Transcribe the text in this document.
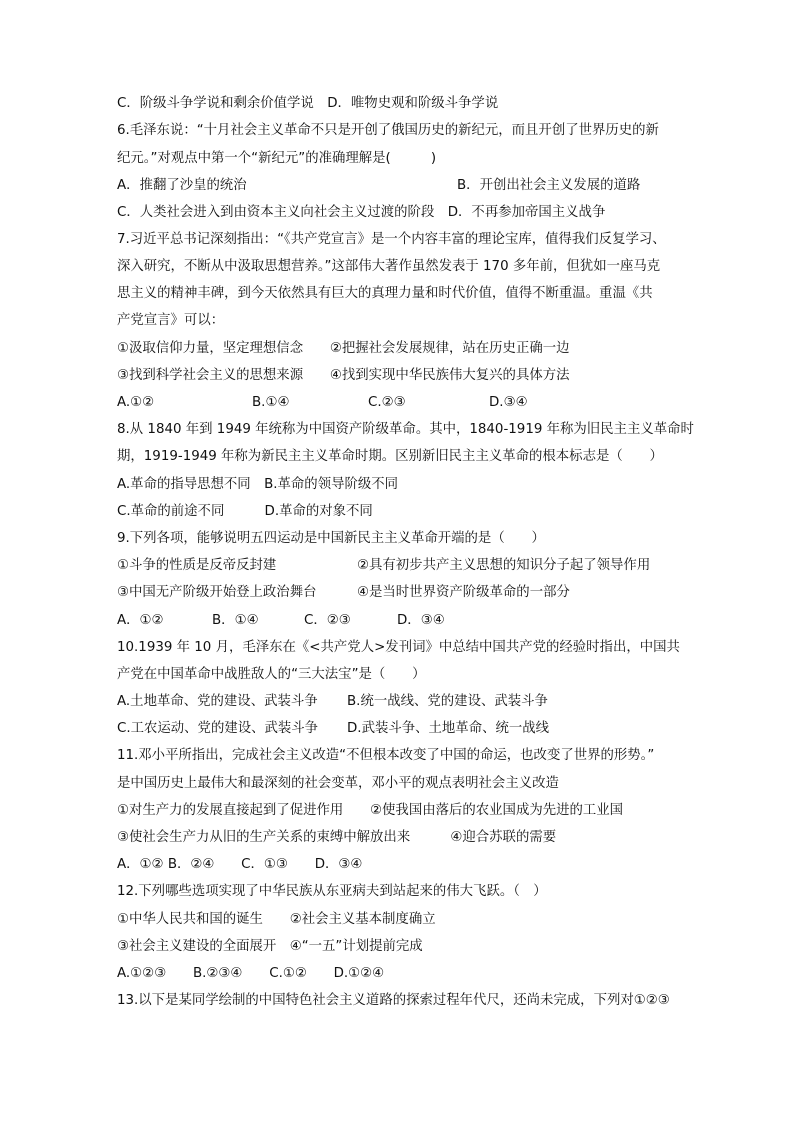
C．阶级斗争学说和剩余价值学说　D．唯物史观和阶级斗争学说
6.毛泽东说：“十月社会主义革命不只是开创了俄国历史的新纪元，而且开创了世界历史的新
纪元。”对观点中第一个“新纪元”的准确理解是(　　　)
A．推翻了沙皇的统治	B．开创出社会主义发展的道路
C．人类社会进入到由资本主义向社会主义过渡的阶段　D．不再参加帝国主义战争
7.习近平总书记深刻指出：“《共产党宣言》是一个内容丰富的理论宝库，值得我们反复学习、
深入研究，不断从中汲取思想营养。”这部伟大著作虽然发表于 170 多年前，但犹如一座马克
思主义的精神丰碑，到今天依然具有巨大的真理力量和时代价值，值得不断重温。重温《共
产党宣言》可以：
①汲取信仰力量，坚定理想信念　　②把握社会发展规律，站在历史正确一边
③找到科学社会主义的思想来源　　④找到实现中华民族伟大复兴的具体方法
A.①②	B.①④	C.②③	D.③④
8.从 1840 年到 1949 年统称为中国资产阶级革命。其中，1840-1919 年称为旧民主主义革命时
期，1919-1949 年称为新民主主义革命时期。区别新旧民主主义革命的根本标志是（　　）
A.革命的指导思想不同　B.革命的领导阶级不同
C.革命的前途不同　　　D.革命的对象不同
9.下列各项，能够说明五四运动是中国新民主主义革命开端的是（　　）
①斗争的性质是反帝反封建	②具有初步共产主义思想的知识分子起了领导作用
③中国无产阶级开始登上政治舞台	④是当时世界资产阶级革命的一部分
A．①②	B．①④	C．②③	D．③④
10.1939 年 10 月，毛泽东在《<共产党人>发刊词》中总结中国共产党的经验时指出，中国共
产党在中国革命中战胜敌人的“三大法宝”是（　　）
A.土地革命、党的建设、武装斗争	B.统一战线、党的建设、武装斗争
C.工农运动、党的建设、武装斗争	D.武装斗争、土地革命、统一战线
11.邓小平所指出，完成社会主义改造“不但根本改变了中国的命运，也改变了世界的形势。”
是中国历史上最伟大和最深刻的社会变革，邓小平的观点表明社会主义改造
①对生产力的发展直接起到了促进作用　　②使我国由落后的农业国成为先进的工业国
③使社会生产力从旧的生产关系的束缚中解放出来　　　④迎合苏联的需要
A．①② B．②④　　C．①③　　D．③④
12.下列哪些选项实现了中华民族从东亚病夫到站起来的伟大飞跃。（　）
①中华人民共和国的诞生　　②社会主义基本制度确立
③社会主义建设的全面展开　④“一五”计划提前完成
A.①②③　　B.②③④　　C.①②　　D.①②④
13.以下是某同学绘制的中国特色社会主义道路的探索过程年代尺，还尚未完成，下列对①②③
